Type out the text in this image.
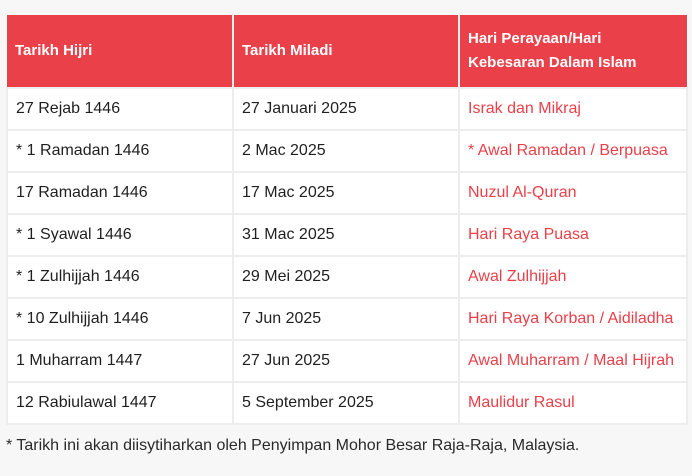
Tarikh Hijri	Tarikh Miladi	Hari Perayaan/Hari Kebesaran Dalam Islam
27 Rejab 1446	27 Januari 2025	Israk dan Mikraj
* 1 Ramadan 1446	2 Mac 2025	* Awal Ramadan / Berpuasa
17 Ramadan 1446	17 Mac 2025	Nuzul Al-Quran
* 1 Syawal 1446	31 Mac 2025	Hari Raya Puasa
* 1 Zulhijjah 1446	29 Mei 2025	Awal Zulhijjah
* 10 Zulhijjah 1446	7 Jun 2025	Hari Raya Korban / Aidiladha
1 Muharram 1447	27 Jun 2025	Awal Muharram / Maal Hijrah
12 Rabiulawal 1447	5 September 2025	Maulidur Rasul
* Tarikh ini akan diisytiharkan oleh Penyimpan Mohor Besar Raja-Raja, Malaysia.
